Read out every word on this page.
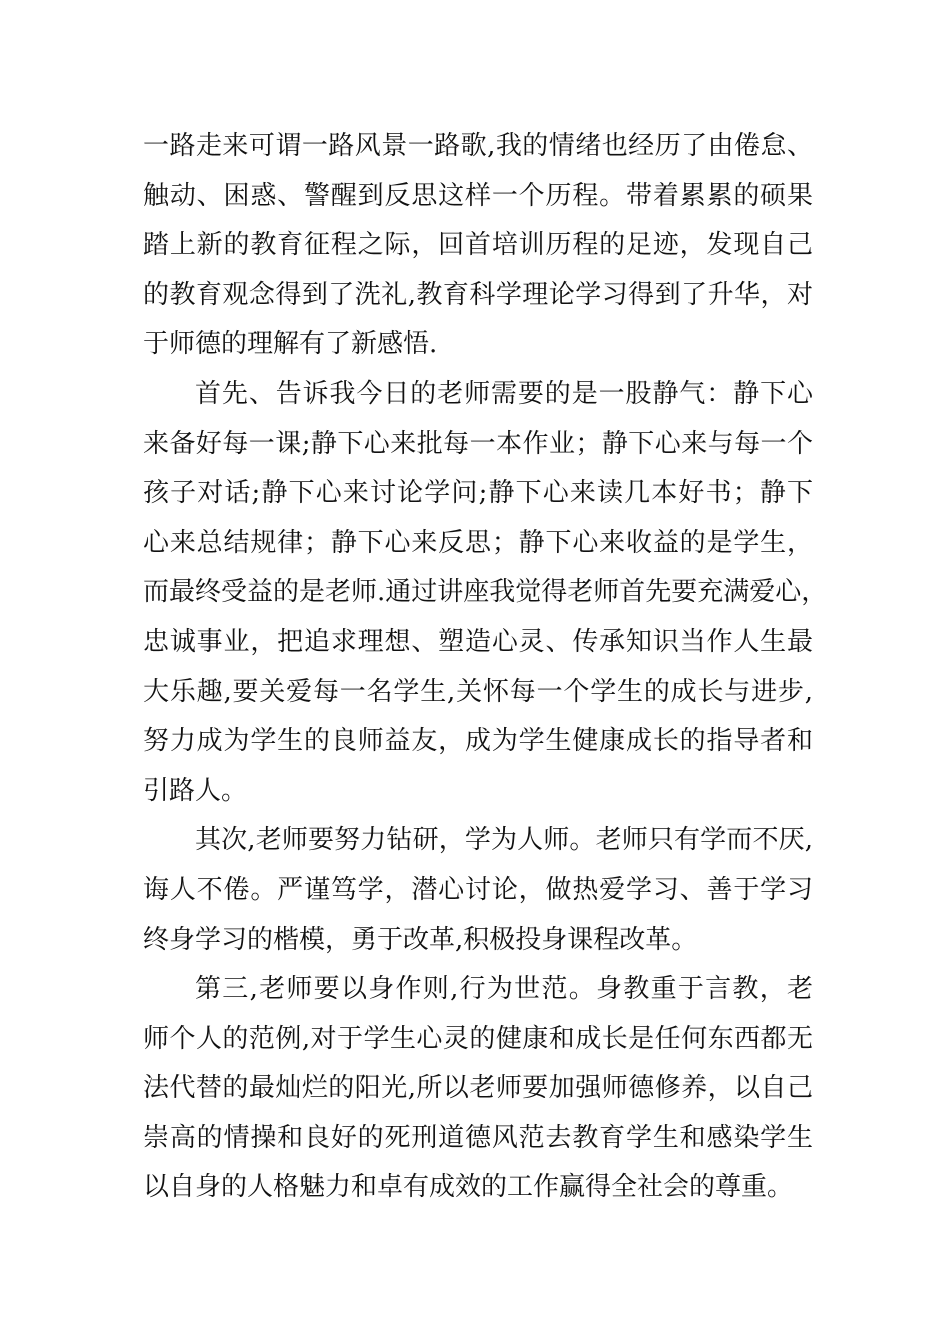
一路走来可谓一路风景一路歌,我的情绪也经历了由倦怠、
触动、困惑、警醒到反思这样一个历程。带着累累的硕果
踏上新的教育征程之际，回首培训历程的足迹，发现自己
的教育观念得到了洗礼,教育科学理论学习得到了升华，对
于师德的理解有了新感悟.
首先、告诉我今日的老师需要的是一股静气：静下心
来备好每一课;静下心来批每一本作业；静下心来与每一个
孩子对话;静下心来讨论学问;静下心来读几本好书；静下
心来总结规律；静下心来反思；静下心来收益的是学生，
而最终受益的是老师.通过讲座我觉得老师首先要充满爱心，
忠诚事业，把追求理想、塑造心灵、传承知识当作人生最
大乐趣,要关爱每一名学生,关怀每一个学生的成长与进步,
努力成为学生的良师益友，成为学生健康成长的指导者和
引路人。
其次,老师要努力钻研，学为人师。老师只有学而不厌,
诲人不倦。严谨笃学，潜心讨论，做热爱学习、善于学习
终身学习的楷模，勇于改革,积极投身课程改革。
第三,老师要以身作则,行为世范。身教重于言教，老
师个人的范例,对于学生心灵的健康和成长是任何东西都无
法代替的最灿烂的阳光,所以老师要加强师德修养，以自己
崇高的情操和良好的死刑道德风范去教育学生和感染学生
以自身的人格魅力和卓有成效的工作赢得全社会的尊重。
